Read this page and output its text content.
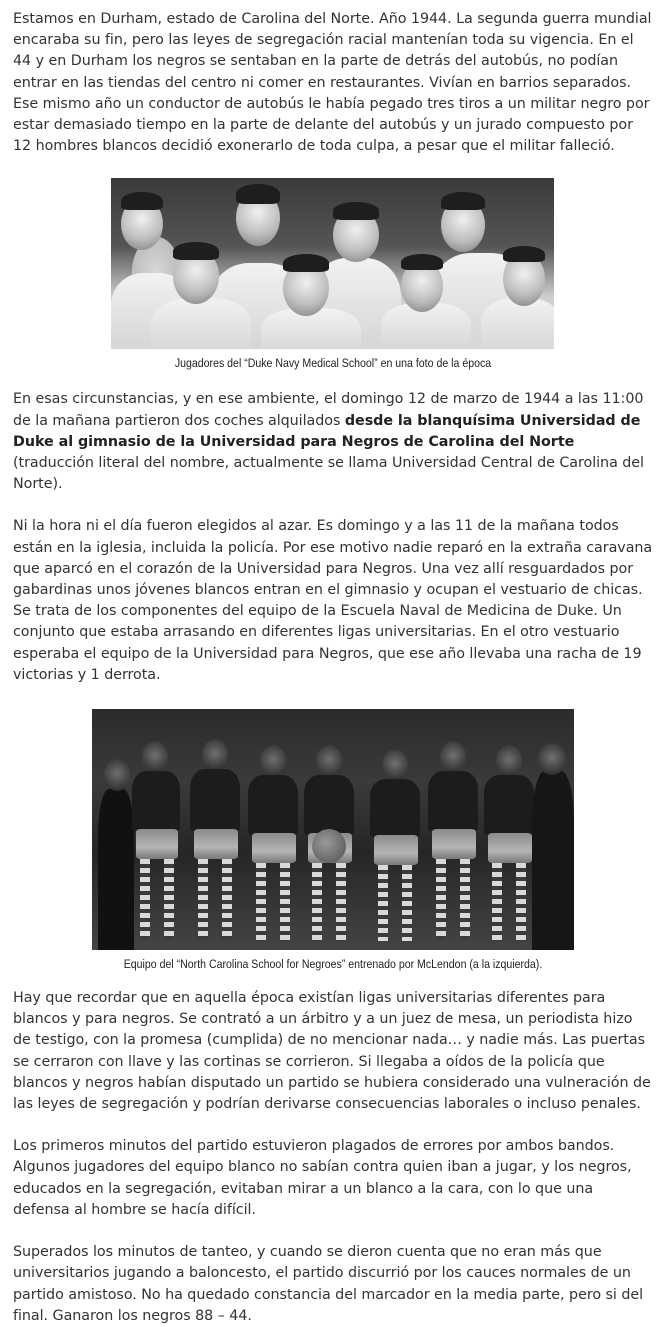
Estamos en Durham, estado de Carolina del Norte. Año 1944. La segunda guerra mundial encaraba su fin, pero las leyes de segregación racial mantenían toda su vigencia. En el 44 y en Durham los negros se sentaban en la parte de detrás del autobús, no podían entrar en las tiendas del centro ni comer en restaurantes. Vivían en barrios separados. Ese mismo año un conductor de autobús le había pegado tres tiros a un militar negro por estar demasiado tiempo en la parte de delante del autobús y un jurado compuesto por 12 hombres blancos decidió exonerarlo de toda culpa, a pesar que el militar falleció.

Jugadores del “Duke Navy Medical School” en una foto de la época

En esas circunstancias, y en ese ambiente, el domingo 12 de marzo de 1944 a las 11:00 de la mañana partieron dos coches alquilados desde la blanquísima Universidad de Duke al gimnasio de la Universidad para Negros de Carolina del Norte (traducción literal del nombre, actualmente se llama Universidad Central de Carolina del Norte).

Ni la hora ni el día fueron elegidos al azar. Es domingo y a las 11 de la mañana todos están en la iglesia, incluida la policía. Por ese motivo nadie reparó en la extraña caravana que aparcó en el corazón de la Universidad para Negros. Una vez allí resguardados por gabardinas unos jóvenes blancos entran en el gimnasio y ocupan el vestuario de chicas. Se trata de los componentes del equipo de la Escuela Naval de Medicina de Duke. Un conjunto que estaba arrasando en diferentes ligas universitarias. En el otro vestuario esperaba el equipo de la Universidad para Negros, que ese año llevaba una racha de 19 victorias y 1 derrota.

Equipo del “North Carolina School for Negroes” entrenado por McLendon (a la izquierda).

Hay que recordar que en aquella época existían ligas universitarias diferentes para blancos y para negros. Se contrató a un árbitro y a un juez de mesa, un periodista hizo de testigo, con la promesa (cumplida) de no mencionar nada… y nadie más. Las puertas se cerraron con llave y las cortinas se corrieron. Si llegaba a oídos de la policía que blancos y negros habían disputado un partido se hubiera considerado una vulneración de las leyes de segregación y podrían derivarse consecuencias laborales o incluso penales.

Los primeros minutos del partido estuvieron plagados de errores por ambos bandos. Algunos jugadores del equipo blanco no sabían contra quien iban a jugar, y los negros, educados en la segregación, evitaban mirar a un blanco a la cara, con lo que una defensa al hombre se hacía difícil.

Superados los minutos de tanteo, y cuando se dieron cuenta que no eran más que universitarios jugando a baloncesto, el partido discurrió por los cauces normales de un partido amistoso. No ha quedado constancia del marcador en la media parte, pero si del final. Ganaron los negros 88 – 44.
